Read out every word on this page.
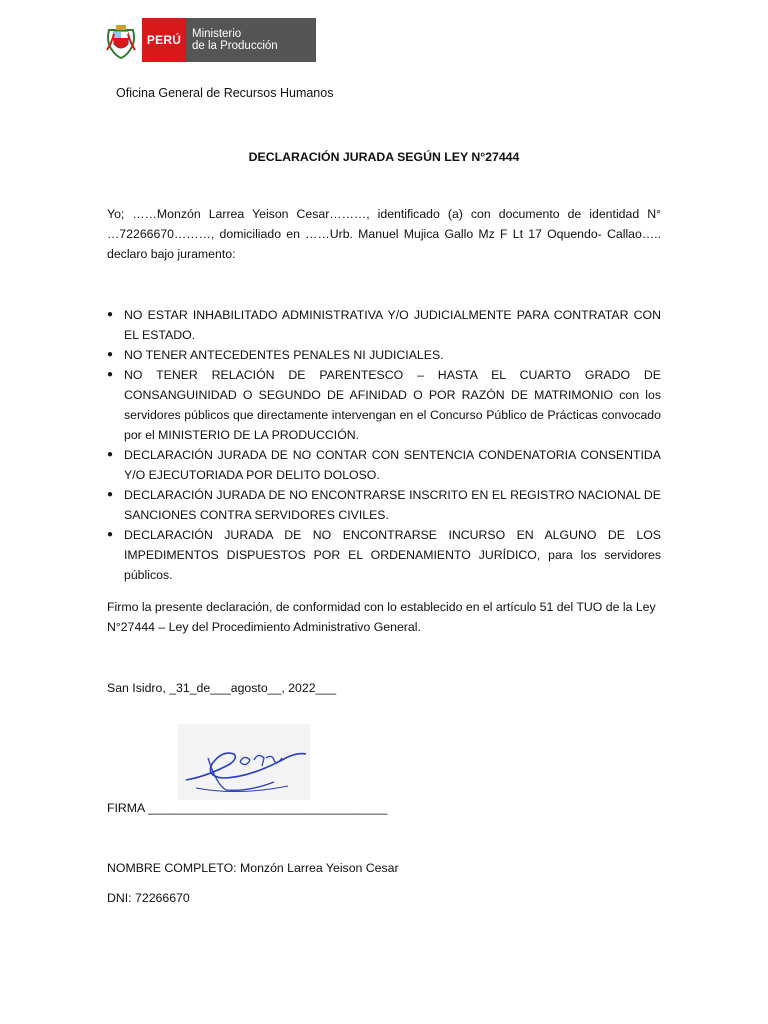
PERÚ Ministerio
de la Producción
Oficina General de Recursos Humanos
DECLARACIÓN JURADA SEGÚN LEY N°27444
Yo; ……Monzón Larrea Yeison Cesar………, identificado (a) con documento de identidad N°
…72266670………, domiciliado en ……Urb. Manuel Mujica Gallo Mz F Lt 17 Oquendo- Callao…..
declaro bajo juramento:
● NO ESTAR INHABILITADO ADMINISTRATIVA Y/O JUDICIALMENTE PARA CONTRATAR CON EL ESTADO.
● NO TENER ANTECEDENTES PENALES NI JUDICIALES.
● NO TENER RELACIÓN DE PARENTESCO – HASTA EL CUARTO GRADO DE CONSANGUINIDAD O SEGUNDO DE AFINIDAD O POR RAZÓN DE MATRIMONIO con los servidores públicos que directamente intervengan en el Concurso Público de Prácticas convocado por el MINISTERIO DE LA PRODUCCIÓN.
● DECLARACIÓN JURADA DE NO CONTAR CON SENTENCIA CONDENATORIA CONSENTIDA Y/O EJECUTORIADA POR DELITO DOLOSO.
● DECLARACIÓN JURADA DE NO ENCONTRARSE INSCRITO EN EL REGISTRO NACIONAL DE SANCIONES CONTRA SERVIDORES CIVILES.
● DECLARACIÓN JURADA DE NO ENCONTRARSE INCURSO EN ALGUNO DE LOS IMPEDIMENTOS DISPUESTOS POR EL ORDENAMIENTO JURÍDICO, para los servidores públicos.
Firmo la presente declaración, de conformidad con lo establecido en el artículo 51 del TUO de la Ley N°27444 – Ley del Procedimiento Administrativo General.
San Isidro, _31_de___agosto__, 2022___
FIRMA ___________________________________
NOMBRE COMPLETO: Monzón Larrea Yeison Cesar
DNI: 72266670
